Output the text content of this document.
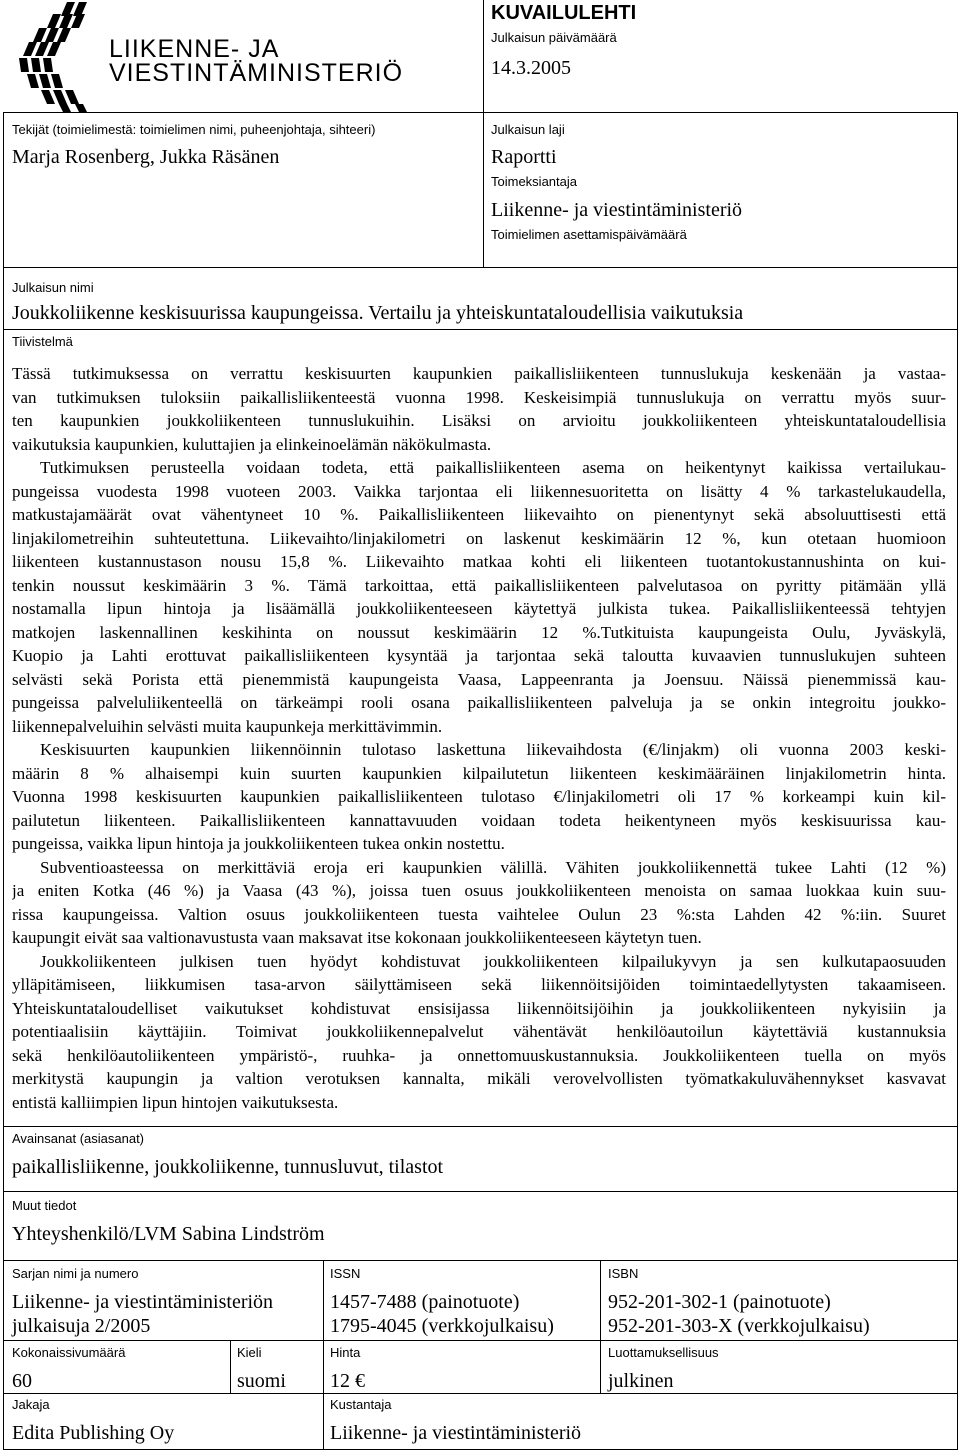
LIIKENNE- JA
VIESTINTÄMINISTERIÖ
KUVAILULEHTI
Julkaisun päivämäärä
14.3.2005
Tekijät (toimielimestä: toimielimen nimi, puheenjohtaja, sihteeri)
Marja Rosenberg, Jukka Räsänen
Julkaisun laji
Raportti
Toimeksiantaja
Liikenne- ja viestintäministeriö
Toimielimen asettamispäivämäärä
Julkaisun nimi
Joukkoliikenne keskisuurissa kaupungeissa. Vertailu ja yhteiskuntataloudellisia vaikutuksia
Tiivistelmä

Tässä tutkimuksessa on verrattu keskisuurten kaupunkien paikallisliikenteen tunnuslukuja keskenään ja vastaa-

van tutkimuksen tuloksiin paikallisliikenteestä vuonna 1998. Keskeisimpiä tunnuslukuja on verrattu myös suur-

ten kaupunkien joukkoliikenteen tunnuslukuihin. Lisäksi on arvioitu joukkoliikenteen yhteiskuntataloudellisia

vaikutuksia kaupunkien, kuluttajien ja elinkeinoelämän näkökulmasta.

Tutkimuksen perusteella voidaan todeta, että paikallisliikenteen asema on heikentynyt kaikissa vertailukau-

pungeissa vuodesta 1998 vuoteen 2003. Vaikka tarjontaa eli liikennesuoritetta on lisätty 4 % tarkastelukaudella,

matkustajamäärät ovat vähentyneet 10 %. Paikallisliikenteen liikevaihto on pienentynyt sekä absoluuttisesti että

linjakilometreihin suhteutettuna. Liikevaihto/linjakilometri on laskenut keskimäärin 12 %, kun otetaan huomioon

liikenteen kustannustason nousu 15,8 %. Liikevaihto matkaa kohti eli liikenteen tuotantokustannushinta on kui-

tenkin noussut keskimäärin 3 %. Tämä tarkoittaa, että paikallisliikenteen palvelutasoa on pyritty pitämään yllä

nostamalla lipun hintoja ja lisäämällä joukkoliikenteeseen käytettyä julkista tukea. Paikallisliikenteessä tehtyjen

matkojen laskennallinen keskihinta on noussut keskimäärin 12 %.Tutkituista kaupungeista Oulu, Jyväskylä,

Kuopio ja Lahti erottuvat paikallisliikenteen kysyntää ja tarjontaa sekä taloutta kuvaavien tunnuslukujen suhteen

selvästi sekä Porista että pienemmistä kaupungeista Vaasa, Lappeenranta ja Joensuu. Näissä pienemmissä kau-

pungeissa palveluliikenteellä on tärkeämpi rooli osana paikallisliikenteen palveluja ja se onkin integroitu joukko-

liikennepalveluihin selvästi muita kaupunkeja merkittävimmin.

Keskisuurten kaupunkien liikennöinnin tulotaso laskettuna liikevaihdosta (€/linjakm) oli vuonna 2003 keski-

määrin 8 % alhaisempi kuin suurten kaupunkien kilpailutetun liikenteen keskimääräinen linjakilometrin hinta.

Vuonna 1998 keskisuurten kaupunkien paikallisliikenteen tulotaso €/linjakilometri oli 17 % korkeampi kuin kil-

pailutetun liikenteen. Paikallisliikenteen kannattavuuden voidaan todeta heikentyneen myös keskisuurissa kau-

pungeissa, vaikka lipun hintoja ja joukkoliikenteen tukea onkin nostettu.

Subventioasteessa on merkittäviä eroja eri kaupunkien välillä. Vähiten joukkoliikennettä tukee Lahti (12 %)

ja eniten Kotka (46 %) ja Vaasa (43 %), joissa tuen osuus joukkoliikenteen menoista on samaa luokkaa kuin suu-

rissa kaupungeissa. Valtion osuus joukkoliikenteen tuesta vaihtelee Oulun 23 %:sta Lahden 42 %:iin. Suuret

kaupungit eivät saa valtionavustusta vaan maksavat itse kokonaan joukkoliikenteeseen käytetyn tuen.

Joukkoliikenteen julkisen tuen hyödyt kohdistuvat joukkoliikenteen kilpailukyvyn ja sen kulkutapaosuuden

ylläpitämiseen, liikkumisen tasa-arvon säilyttämiseen sekä liikennöitsijöiden toimintaedellytysten takaamiseen.

Yhteiskuntataloudelliset vaikutukset kohdistuvat ensisijassa liikennöitsijöihin ja joukkoliikenteen nykyisiin ja

potentiaalisiin käyttäjiin. Toimivat joukkoliikennepalvelut vähentävät henkilöautoilun käytettäviä kustannuksia

sekä henkilöautoliikenteen ympäristö-, ruuhka- ja onnettomuuskustannuksia. Joukkoliikenteen tuella on myös

merkitystä kaupungin ja valtion verotuksen kannalta, mikäli verovelvollisten työmatkakuluvähennykset kasvavat

entistä kalliimpien lipun hintojen vaikutuksesta.

Avainsanat (asiasanat)
paikallisliikenne, joukkoliikenne, tunnusluvut, tilastot
Muut tiedot
Yhteyshenkilö/LVM Sabina Lindström
Sarjan nimi ja numero
Liikenne- ja viestintäministeriön
julkaisuja 2/2005
ISSN
1457-7488 (painotuote)
1795-4045 (verkkojulkaisu)
ISBN
952-201-302-1 (painotuote)
952-201-303-X (verkkojulkaisu)
Kokonaissivumäärä
60
Kieli
suomi
Hinta
12 €
Luottamuksellisuus
julkinen
Jakaja
Edita Publishing Oy
Kustantaja
Liikenne- ja viestintäministeriö
